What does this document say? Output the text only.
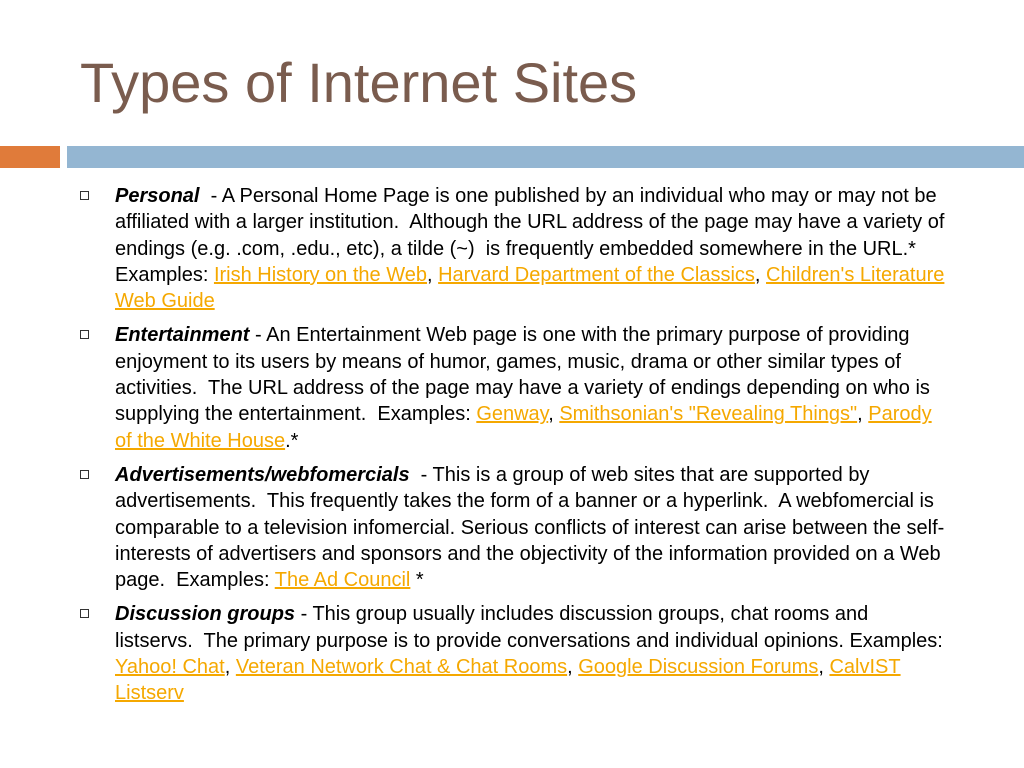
Types of Internet Sites
Personal  - A Personal Home Page is one published by an individual who may or may not be affiliated with a larger institution.  Although the URL address of the page may have a variety of endings (e.g. .com, .edu., etc), a tilde (~)  is frequently embedded somewhere in the URL.* Examples: Irish History on the Web, Harvard Department of the Classics, Children's Literature Web Guide
Entertainment - An Entertainment Web page is one with the primary purpose of providing enjoyment to its users by means of humor, games, music, drama or other similar types of activities.  The URL address of the page may have a variety of endings depending on who is supplying the entertainment.  Examples: Genway, Smithsonian's "Revealing Things", Parody of the White House.*
Advertisements/webfomercials  - This is a group of web sites that are supported by advertisements.  This frequently takes the form of a banner or a hyperlink.  A webfomercial is comparable to a television infomercial. Serious conflicts of interest can arise between the self-interests of advertisers and sponsors and the objectivity of the information provided on a Web page.  Examples: The Ad Council *
Discussion groups - This group usually includes discussion groups, chat rooms and listservs.  The primary purpose is to provide conversations and individual opinions. Examples: Yahoo! Chat, Veteran Network Chat & Chat Rooms, Google Discussion Forums, CalvIST Listserv
